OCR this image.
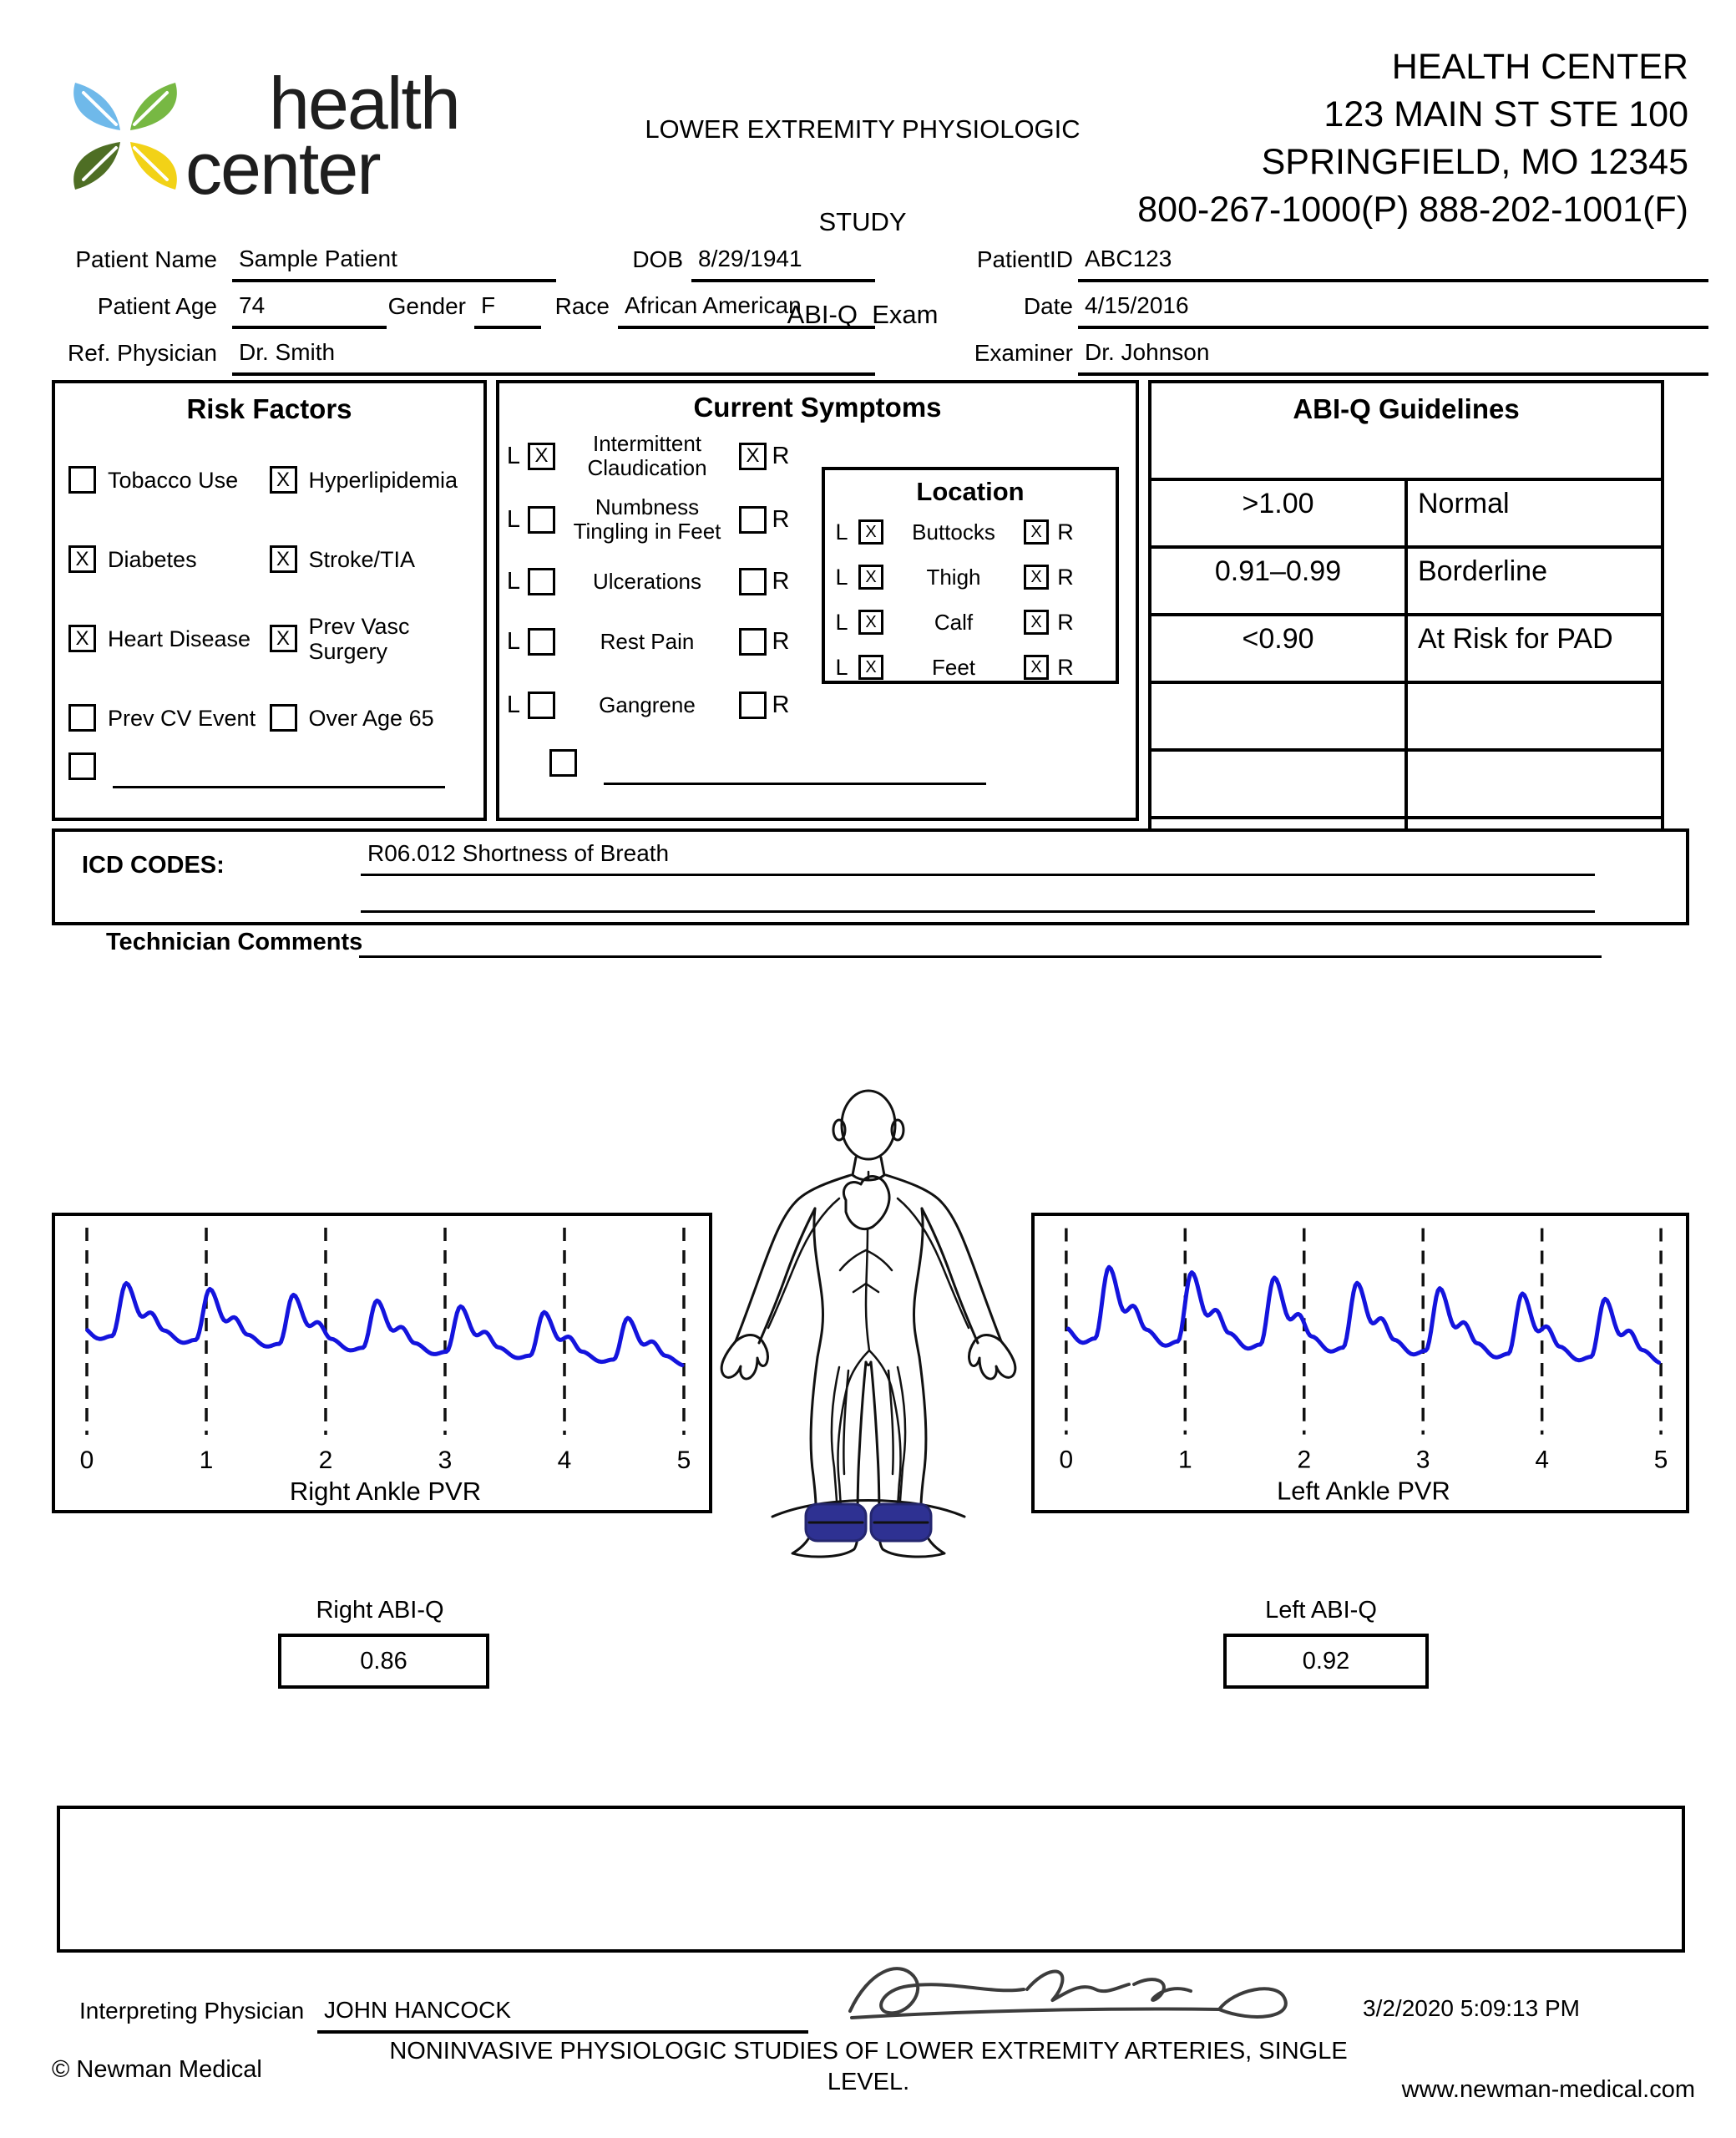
health
center

	LOWER EXTREMITY PHYSIOLOGIC

STUDY

ABI-Q  Exam

HEALTH CENTER
123 MAIN ST STE 100
SPRINGFIELD, MO 12345
800-267-1000(P) 888-202-1001(F)
Patient Name Sample Patient	DOB 8/29/1941	PatientID ABC123
Patient Age 74	Gender F	Race African American	Date 4/15/2016
Ref. Physician Dr. Smith	Examiner Dr. Johnson
Risk Factors
Tobacco Use	X Hyperlipidemia
X Diabetes	X Stroke/TIA
X Heart Disease	X Prev Vasc Surgery
Prev CV Event Over Age 65
Current Symptoms
L X	Intermittent
Claudication	X R
L	Numbness
Tingling in Feet	R
L	Ulcerations	R
L	Rest Pain	R
L	Gangrene	R
Location
L	X	Buttocks	X R
L	X	Thigh	X R
L	X	Calf	X R
L	X	Feet	X R
ABI-Q Guidelines	
>1.00	Normal
0.91–0.99	Borderline
<0.90	At Risk for PAD

ICD CODES:	R06.012 Shortness of Breath
Technician Comments
0	1	2	3	4	5
Right Ankle PVR
0	1	2	3	4	5
Left Ankle PVR
Right ABI-Q
0.86
Left ABI-Q
0.92
Interpreting Physician JOHN HANCOCK	3/2/2020 5:09:13 PM
© Newman Medical
NONINVASIVE PHYSIOLOGIC STUDIES OF LOWER EXTREMITY ARTERIES, SINGLE
LEVEL.	www.newman-medical.com
